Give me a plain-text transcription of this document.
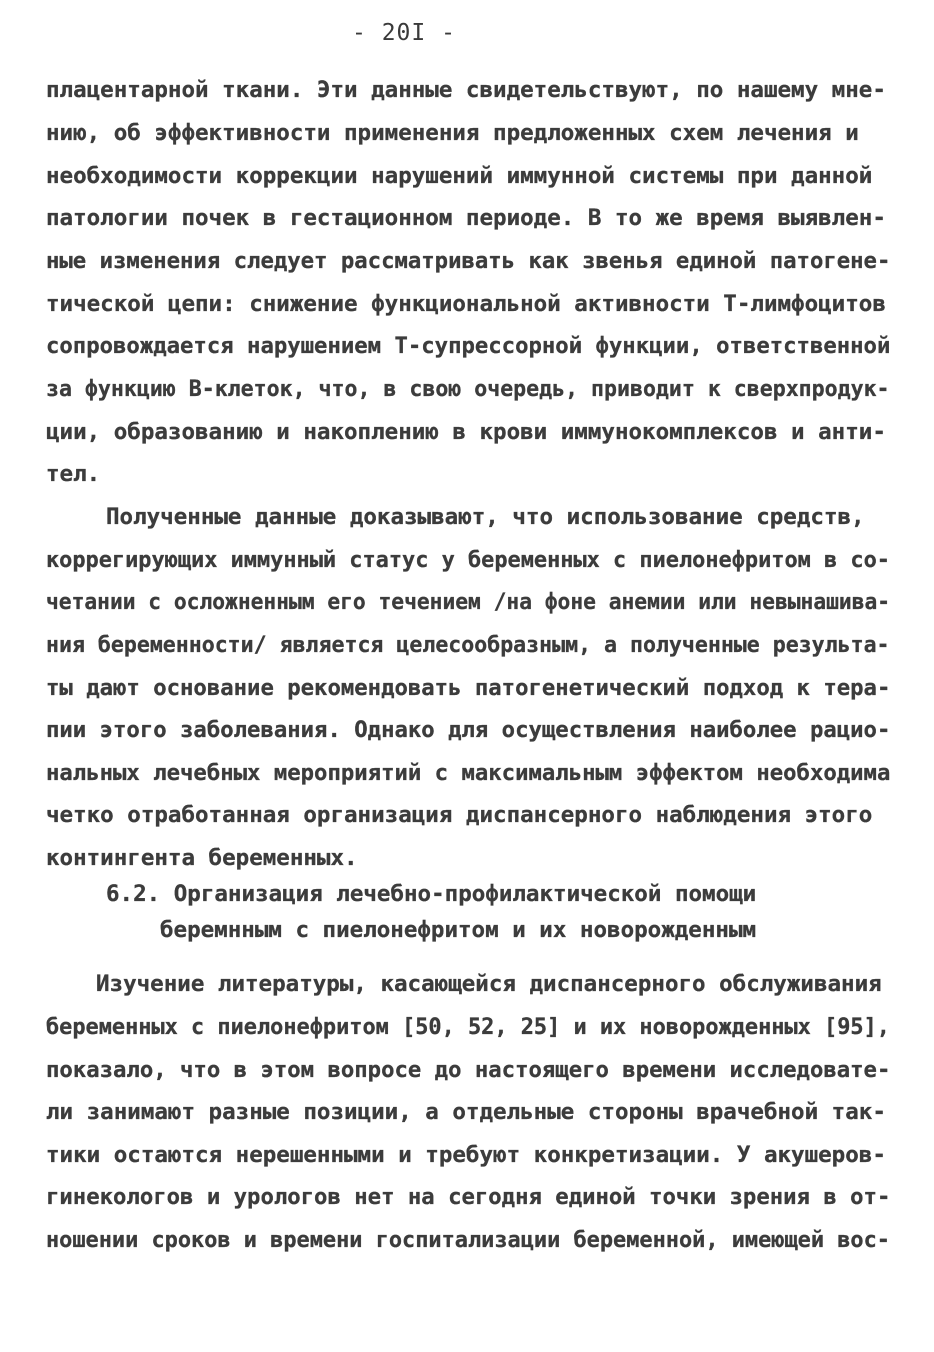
- 20I -
плацентарной ткани. Эти данные свидетельствуют, по нашему мне-
нию, об эффективности применения предложенных схем лечения и
необходимости коррекции нарушений иммунной системы при данной
патологии почек в гестационном периоде. В то же время выявлен-
ные изменения следует рассматривать как звенья единой патогене-
тической цепи: снижение функциональной активности Т-лимфоцитов
сопровождается нарушением Т-супрессорной функции, ответственной
за функцию В-клеток, что, в свою очередь, приводит к сверхпродук-
ции, образованию и накоплению в крови иммунокомплексов и анти-
тел.
Полученные данные доказывают, что использование средств,
коррегирующих иммунный статус у беременных с пиелонефритом в со-
четании с осложненным его течением /на фоне анемии или невынашива-
ния беременности/ является целесообразным, а полученные результа-
ты дают основание рекомендовать патогенетический подход к тера-
пии этого заболевания. Однако для осуществления наиболее рацио-
нальных лечебных мероприятий с максимальным эффектом необходима
четко отработанная организация диспансерного наблюдения этого
контингента беременных.
6.2. Организация лечебно-профилактической помощи
беремнным с пиелонефритом и их новорожденным
Изучение литературы, касающейся диспансерного обслуживания
беременных с пиелонефритом [50, 52, 25] и их новорожденных [95],
показало, что в этом вопросе до настоящего времени исследовате-
ли занимают разные позиции, а отдельные стороны врачебной так-
тики остаются нерешенными и требуют конкретизации. У акушеров-
гинекологов и урологов нет на сегодня единой точки зрения в от-
ношении сроков и времени госпитализации беременной, имеющей вос-
